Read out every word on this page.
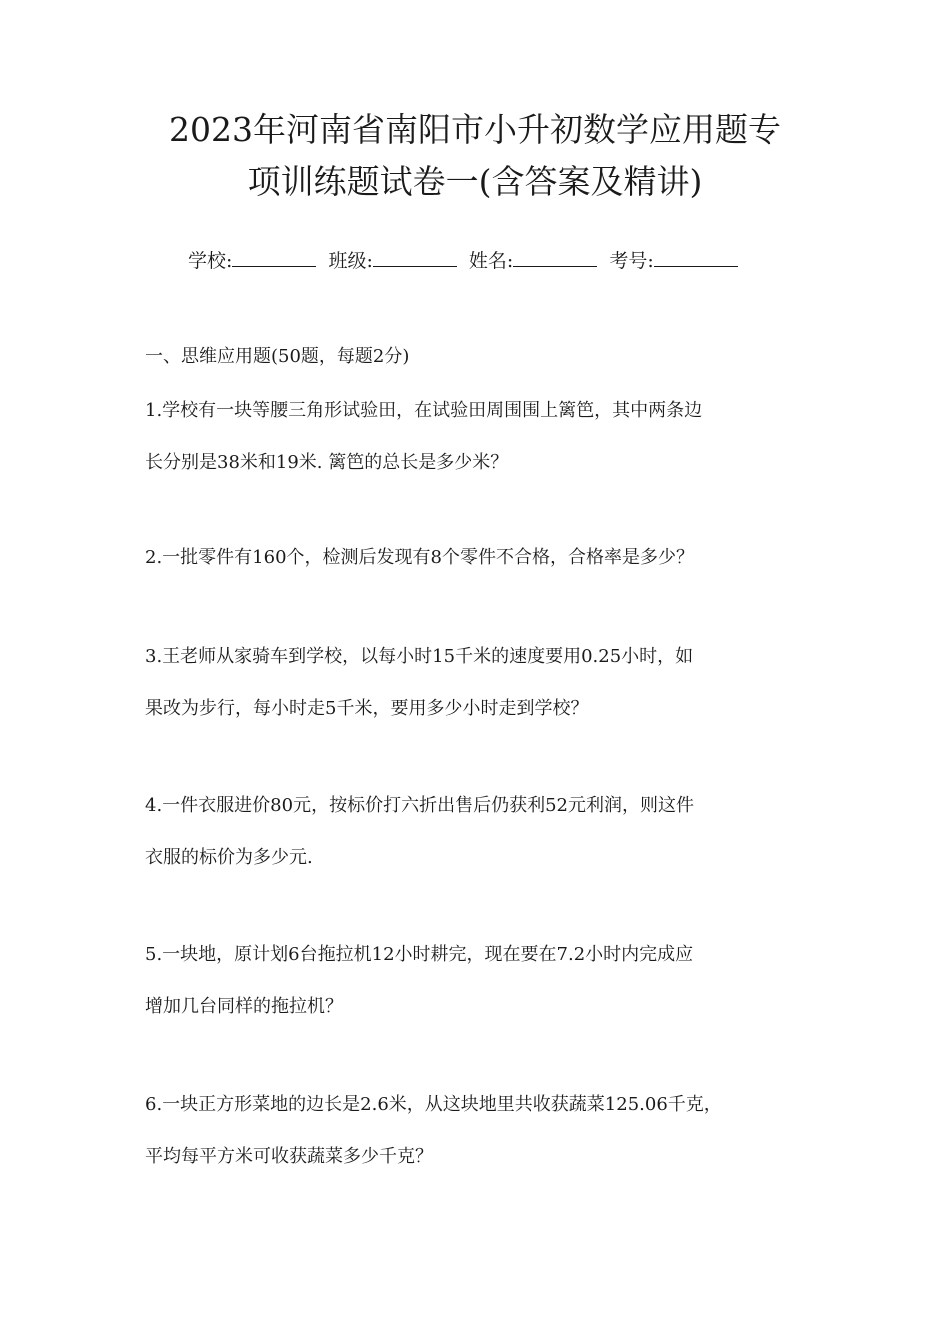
2023年河南省南阳市小升初数学应用题专
项训练题试卷一(含答案及精讲)
学校:	班级:	姓名:	考号:
一、思维应用题(50题，每题2分)

1.学校有一块等腰三角形试验田，在试验田周围围上篱笆，其中两条边

长分别是38米和19米. 篱笆的总长是多少米？

2.一批零件有160个，检测后发现有8个零件不合格，合格率是多少？

3.王老师从家骑车到学校，以每小时15千米的速度要用0.25小时，如

果改为步行，每小时走5千米，要用多少小时走到学校？

4.一件衣服进价80元，按标价打六折出售后仍获利52元利润，则这件

衣服的标价为多少元.

5.一块地，原计划6台拖拉机12小时耕完，现在要在7.2小时内完成应

增加几台同样的拖拉机？

6.一块正方形菜地的边长是2.6米，从这块地里共收获蔬菜125.06千克，

平均每平方米可收获蔬菜多少千克？
